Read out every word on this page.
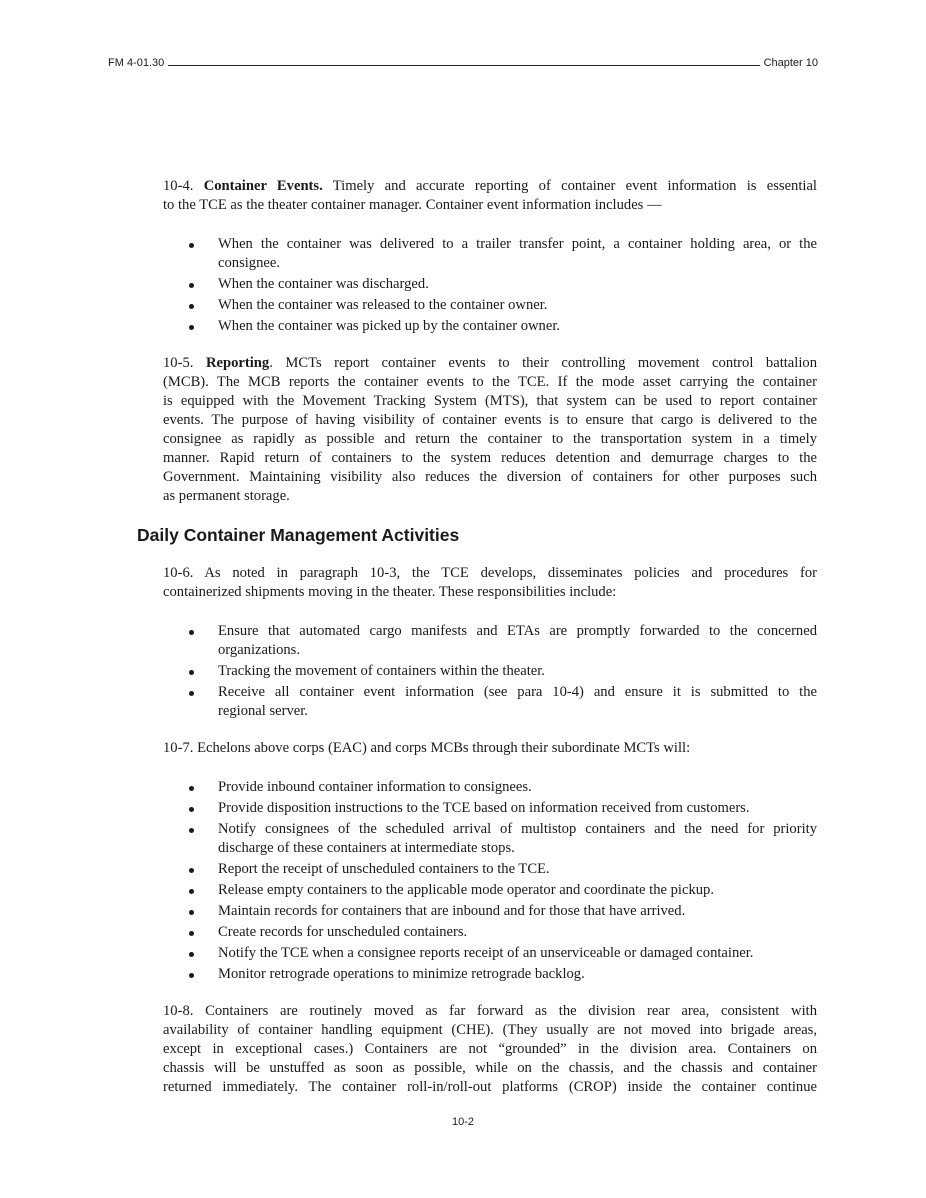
FM 4-01.30	Chapter 10
10-4. Container Events. Timely and accurate reporting of container event information is essential
to the TCE as the theater container manager. Container event information includes —
When the container was delivered to a trailer transfer point, a container holding area, or the
consignee.
When the container was discharged.
When the container was released to the container owner.
When the container was picked up by the container owner.
10-5. Reporting. MCTs report container events to their controlling movement control battalion
(MCB). The MCB reports the container events to the TCE. If the mode asset carrying the container
is equipped with the Movement Tracking System (MTS), that system can be used to report container
events. The purpose of having visibility of container events is to ensure that cargo is delivered to the
consignee as rapidly as possible and return the container to the transportation system in a timely
manner. Rapid return of containers to the system reduces detention and demurrage charges to the
Government. Maintaining visibility also reduces the diversion of containers for other purposes such
as permanent storage.
Daily Container Management Activities
10-6. As noted in paragraph 10-3, the TCE develops, disseminates policies and procedures for
containerized shipments moving in the theater. These responsibilities include:
Ensure that automated cargo manifests and ETAs are promptly forwarded to the concerned
organizations.
Tracking the movement of containers within the theater.
Receive all container event information (see para 10-4) and ensure it is submitted to the
regional server.
10-7. Echelons above corps (EAC) and corps MCBs through their subordinate MCTs will:
Provide inbound container information to consignees.
Provide disposition instructions to the TCE based on information received from customers.
Notify consignees of the scheduled arrival of multistop containers and the need for priority
discharge of these containers at intermediate stops.
Report the receipt of unscheduled containers to the TCE.
Release empty containers to the applicable mode operator and coordinate the pickup.
Maintain records for containers that are inbound and for those that have arrived.
Create records for unscheduled containers.
Notify the TCE when a consignee reports receipt of an unserviceable or damaged container.
Monitor retrograde operations to minimize retrograde backlog.
10-8. Containers are routinely moved as far forward as the division rear area, consistent with
availability of container handling equipment (CHE). (They usually are not moved into brigade areas,
except in exceptional cases.) Containers are not “grounded” in the division area. Containers on
chassis will be unstuffed as soon as possible, while on the chassis, and the chassis and container
returned immediately. The container roll-in/roll-out platforms (CROP) inside the container continue
10-2
